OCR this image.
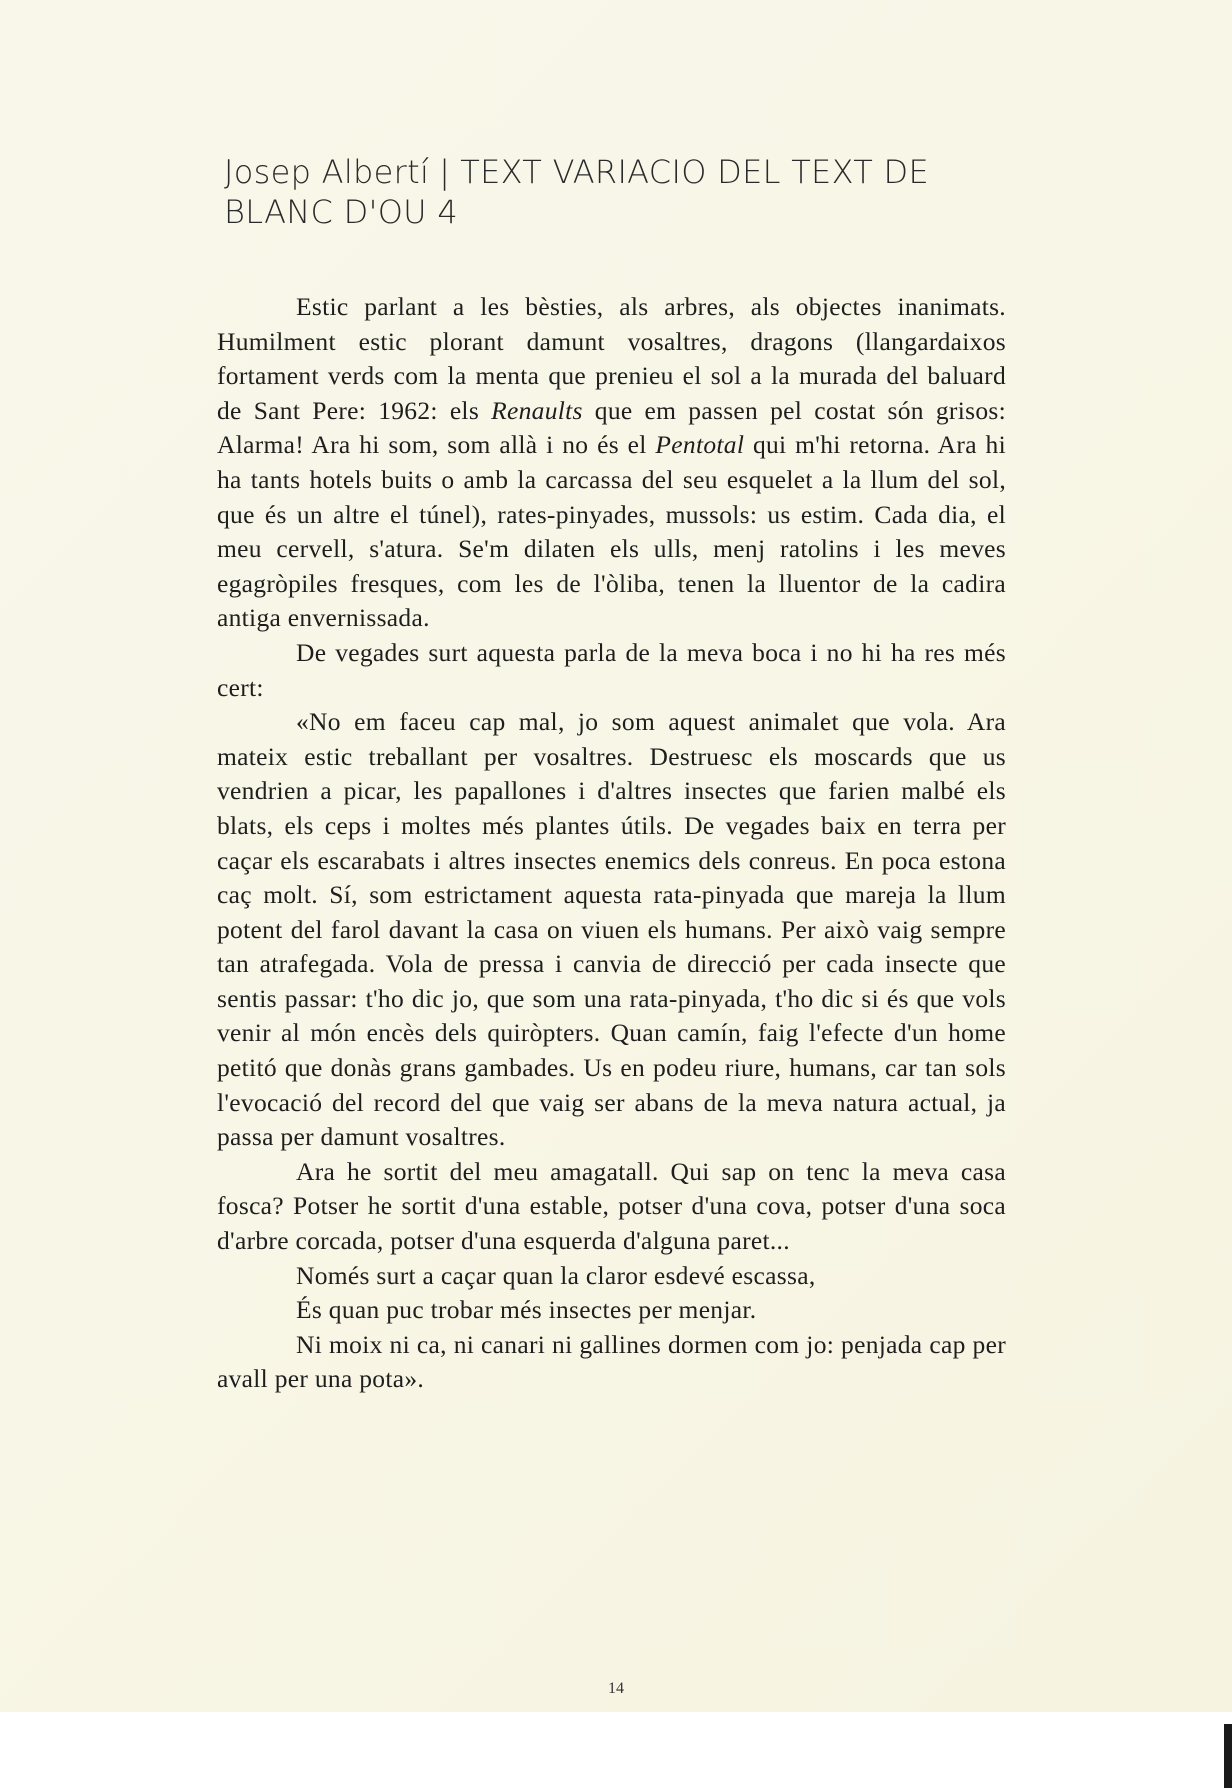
Josep Albertí | TEXT VARIACIO DEL TEXT DE
BLANC D'OU 4

Estic parlant a les bèsties, als arbres, als objectes inanimats. Humilment estic plorant damunt vosaltres, dragons (llangardaixos fortament verds com la menta que prenieu el sol a la murada del baluard de Sant Pere: 1962: els Renaults que em passen pel costat són grisos: Alarma! Ara hi som, som allà i no és el Pentotal qui m'hi retorna. Ara hi ha tants hotels buits o amb la carcassa del seu esquelet a la llum del sol, que és un altre el túnel), rates-pinyades, mussols: us estim. Cada dia, el meu cervell, s'atura. Se'm dilaten els ulls, menj ratolins i les meves egagròpiles fresques, com les de l'òliba, tenen la lluentor de la cadira antiga envernissada.

De vegades surt aquesta parla de la meva boca i no hi ha res més cert:

«No em faceu cap mal, jo som aquest animalet que vola. Ara mateix estic treballant per vosaltres. Destruesc els moscards que us vendrien a picar, les papallones i d'altres insectes que farien malbé els blats, els ceps i moltes més plantes útils. De vegades baix en terra per caçar els escarabats i altres insectes enemics dels conreus. En poca estona caç molt. Sí, som estrictament aquesta rata-pinyada que mareja la llum potent del farol davant la casa on viuen els humans. Per això vaig sempre tan atrafegada. Vola de pressa i canvia de direcció per cada insecte que sentis passar: t'ho dic jo, que som una rata-pinyada, t'ho dic si és que vols venir al món encès dels quiròpters. Quan camín, faig l'efecte d'un home petitó que donàs grans gambades. Us en podeu riure, humans, car tan sols l'evocació del record del que vaig ser abans de la meva natura actual, ja passa per damunt vosaltres.

Ara he sortit del meu amagatall. Qui sap on tenc la meva casa fosca? Potser he sortit d'una estable, potser d'una cova, potser d'una soca d'arbre corcada, potser d'una esquerda d'alguna paret...

Només surt a caçar quan la claror esdevé escassa,

És quan puc trobar més insectes per menjar.

Ni moix ni ca, ni canari ni gallines dormen com jo: penjada cap per avall per una pota».

14
